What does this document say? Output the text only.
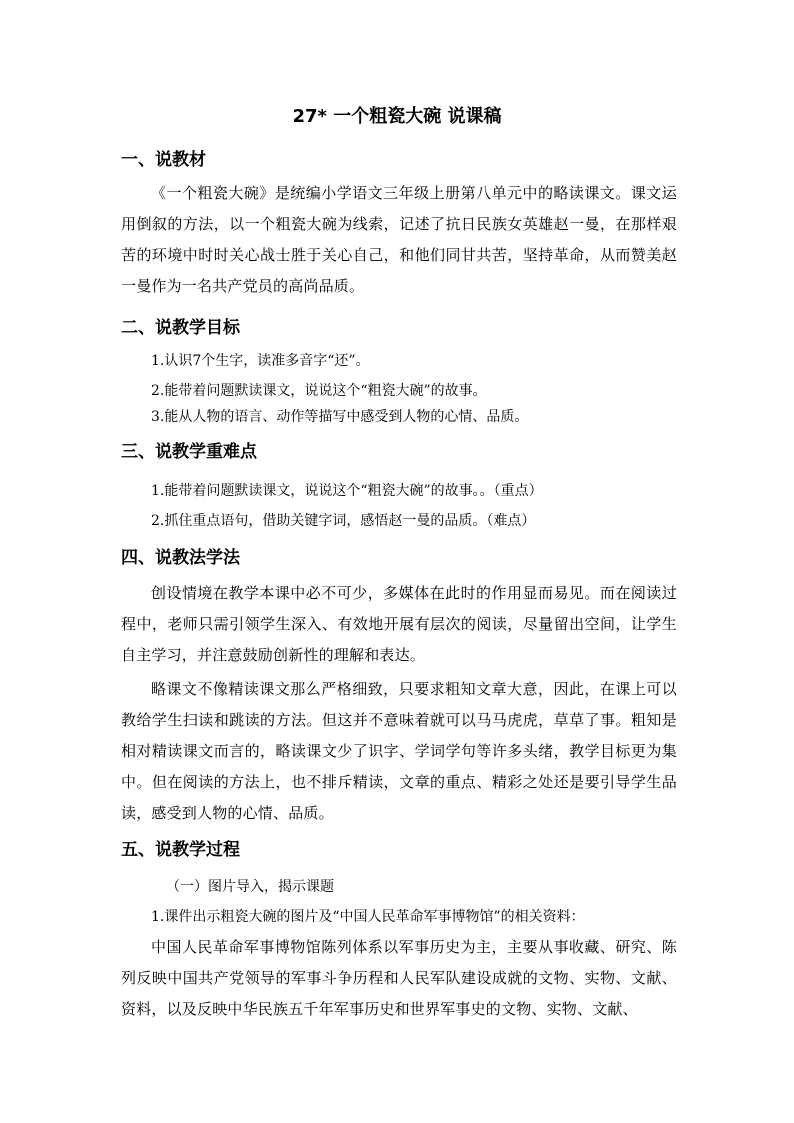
27* 一个粗瓷大碗 说课稿
一、说教材
《一个粗瓷大碗》是统编小学语文三年级上册第八单元中的略读课文。课文运用倒叙的方法，以一个粗瓷大碗为线索，记述了抗日民族女英雄赵一曼，在那样艰苦的环境中时时关心战士胜于关心自己，和他们同甘共苦，坚持革命，从而赞美赵一曼作为一名共产党员的高尚品质。
二、说教学目标
1.认识7个生字，读准多音字“还”。
2.能带着问题默读课文，说说这个“粗瓷大碗”的故事。
3.能从人物的语言、动作等描写中感受到人物的心情、品质。
三、说教学重难点
1.能带着问题默读课文，说说这个“粗瓷大碗”的故事。。（重点）
2.抓住重点语句，借助关键字词，感悟赵一曼的品质。（难点）
四、说教法学法
创设情境在教学本课中必不可少，多媒体在此时的作用显而易见。而在阅读过程中，老师只需引领学生深入、有效地开展有层次的阅读，尽量留出空间，让学生自主学习，并注意鼓励创新性的理解和表达。
略课文不像精读课文那么严格细致，只要求粗知文章大意，因此，在课上可以教给学生扫读和跳读的方法。但这并不意味着就可以马马虎虎，草草了事。粗知是相对精读课文而言的，略读课文少了识字、学词学句等许多头绪，教学目标更为集中。但在阅读的方法上，也不排斥精读，文章的重点、精彩之处还是要引导学生品读，感受到人物的心情、品质。
五、说教学过程
（一）图片导入，揭示课题
1.课件出示粗瓷大碗的图片及“中国人民革命军事博物馆”的相关资料：
中国人民革命军事博物馆陈列体系以军事历史为主，主要从事收藏、研究、陈列反映中国共产党领导的军事斗争历程和人民军队建设成就的文物、实物、文献、资料，以及反映中华民族五千年军事历史和世界军事史的文物、实物、文献、
